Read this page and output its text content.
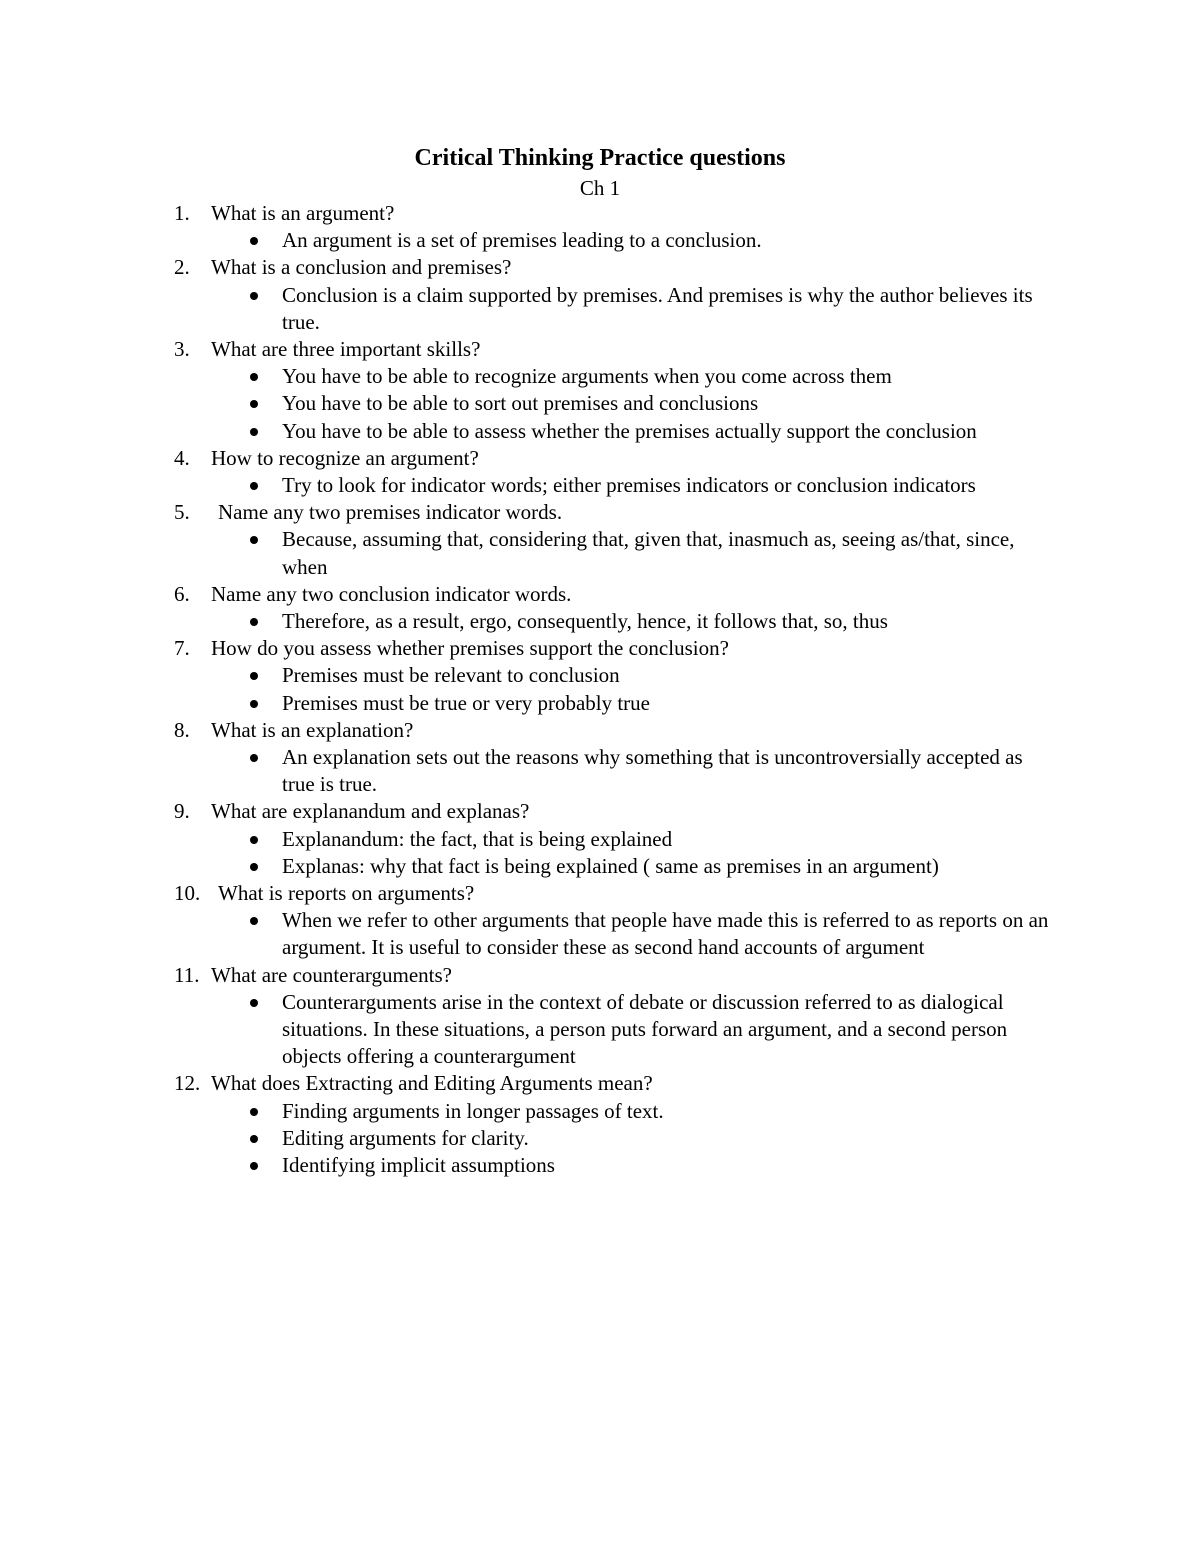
Critical Thinking Practice questions
Ch 1
1. What is an argument?
An argument is a set of premises leading to a conclusion.
2. What is a conclusion and premises?
Conclusion is a claim supported by premises. And premises is why the author believes its true.
3. What are three important skills?
You have to be able to recognize arguments when you come across them
You have to be able to sort out premises and conclusions
You have to be able to assess whether the premises actually support the conclusion
4. How to recognize an argument?
Try to look for indicator words; either premises indicators or conclusion indicators
5. Name any two premises indicator words.
Because, assuming that, considering that, given that, inasmuch as, seeing as/that, since, when
6. Name any two conclusion indicator words.
Therefore, as a result, ergo, consequently, hence, it follows that, so, thus
7. How do you assess whether premises support the conclusion?
Premises must be relevant to conclusion
Premises must be true or very probably true
8. What is an explanation?
An explanation sets out the reasons why something that is uncontroversially accepted as true is true.
9. What are explanandum and explanas?
Explanandum: the fact, that is being explained
Explanas: why that fact is being explained ( same as premises in an argument)
10. What is reports on arguments?
When we refer to other arguments that people have made this is referred to as reports on an argument. It is useful to consider these as second hand accounts of argument
11. What are counterarguments?
Counterarguments arise in the context of debate or discussion referred to as dialogical situations. In these situations, a person puts forward an argument, and a second person objects offering a counterargument
12. What does Extracting and Editing Arguments mean?
Finding arguments in longer passages of text.
Editing arguments for clarity.
Identifying implicit assumptions
